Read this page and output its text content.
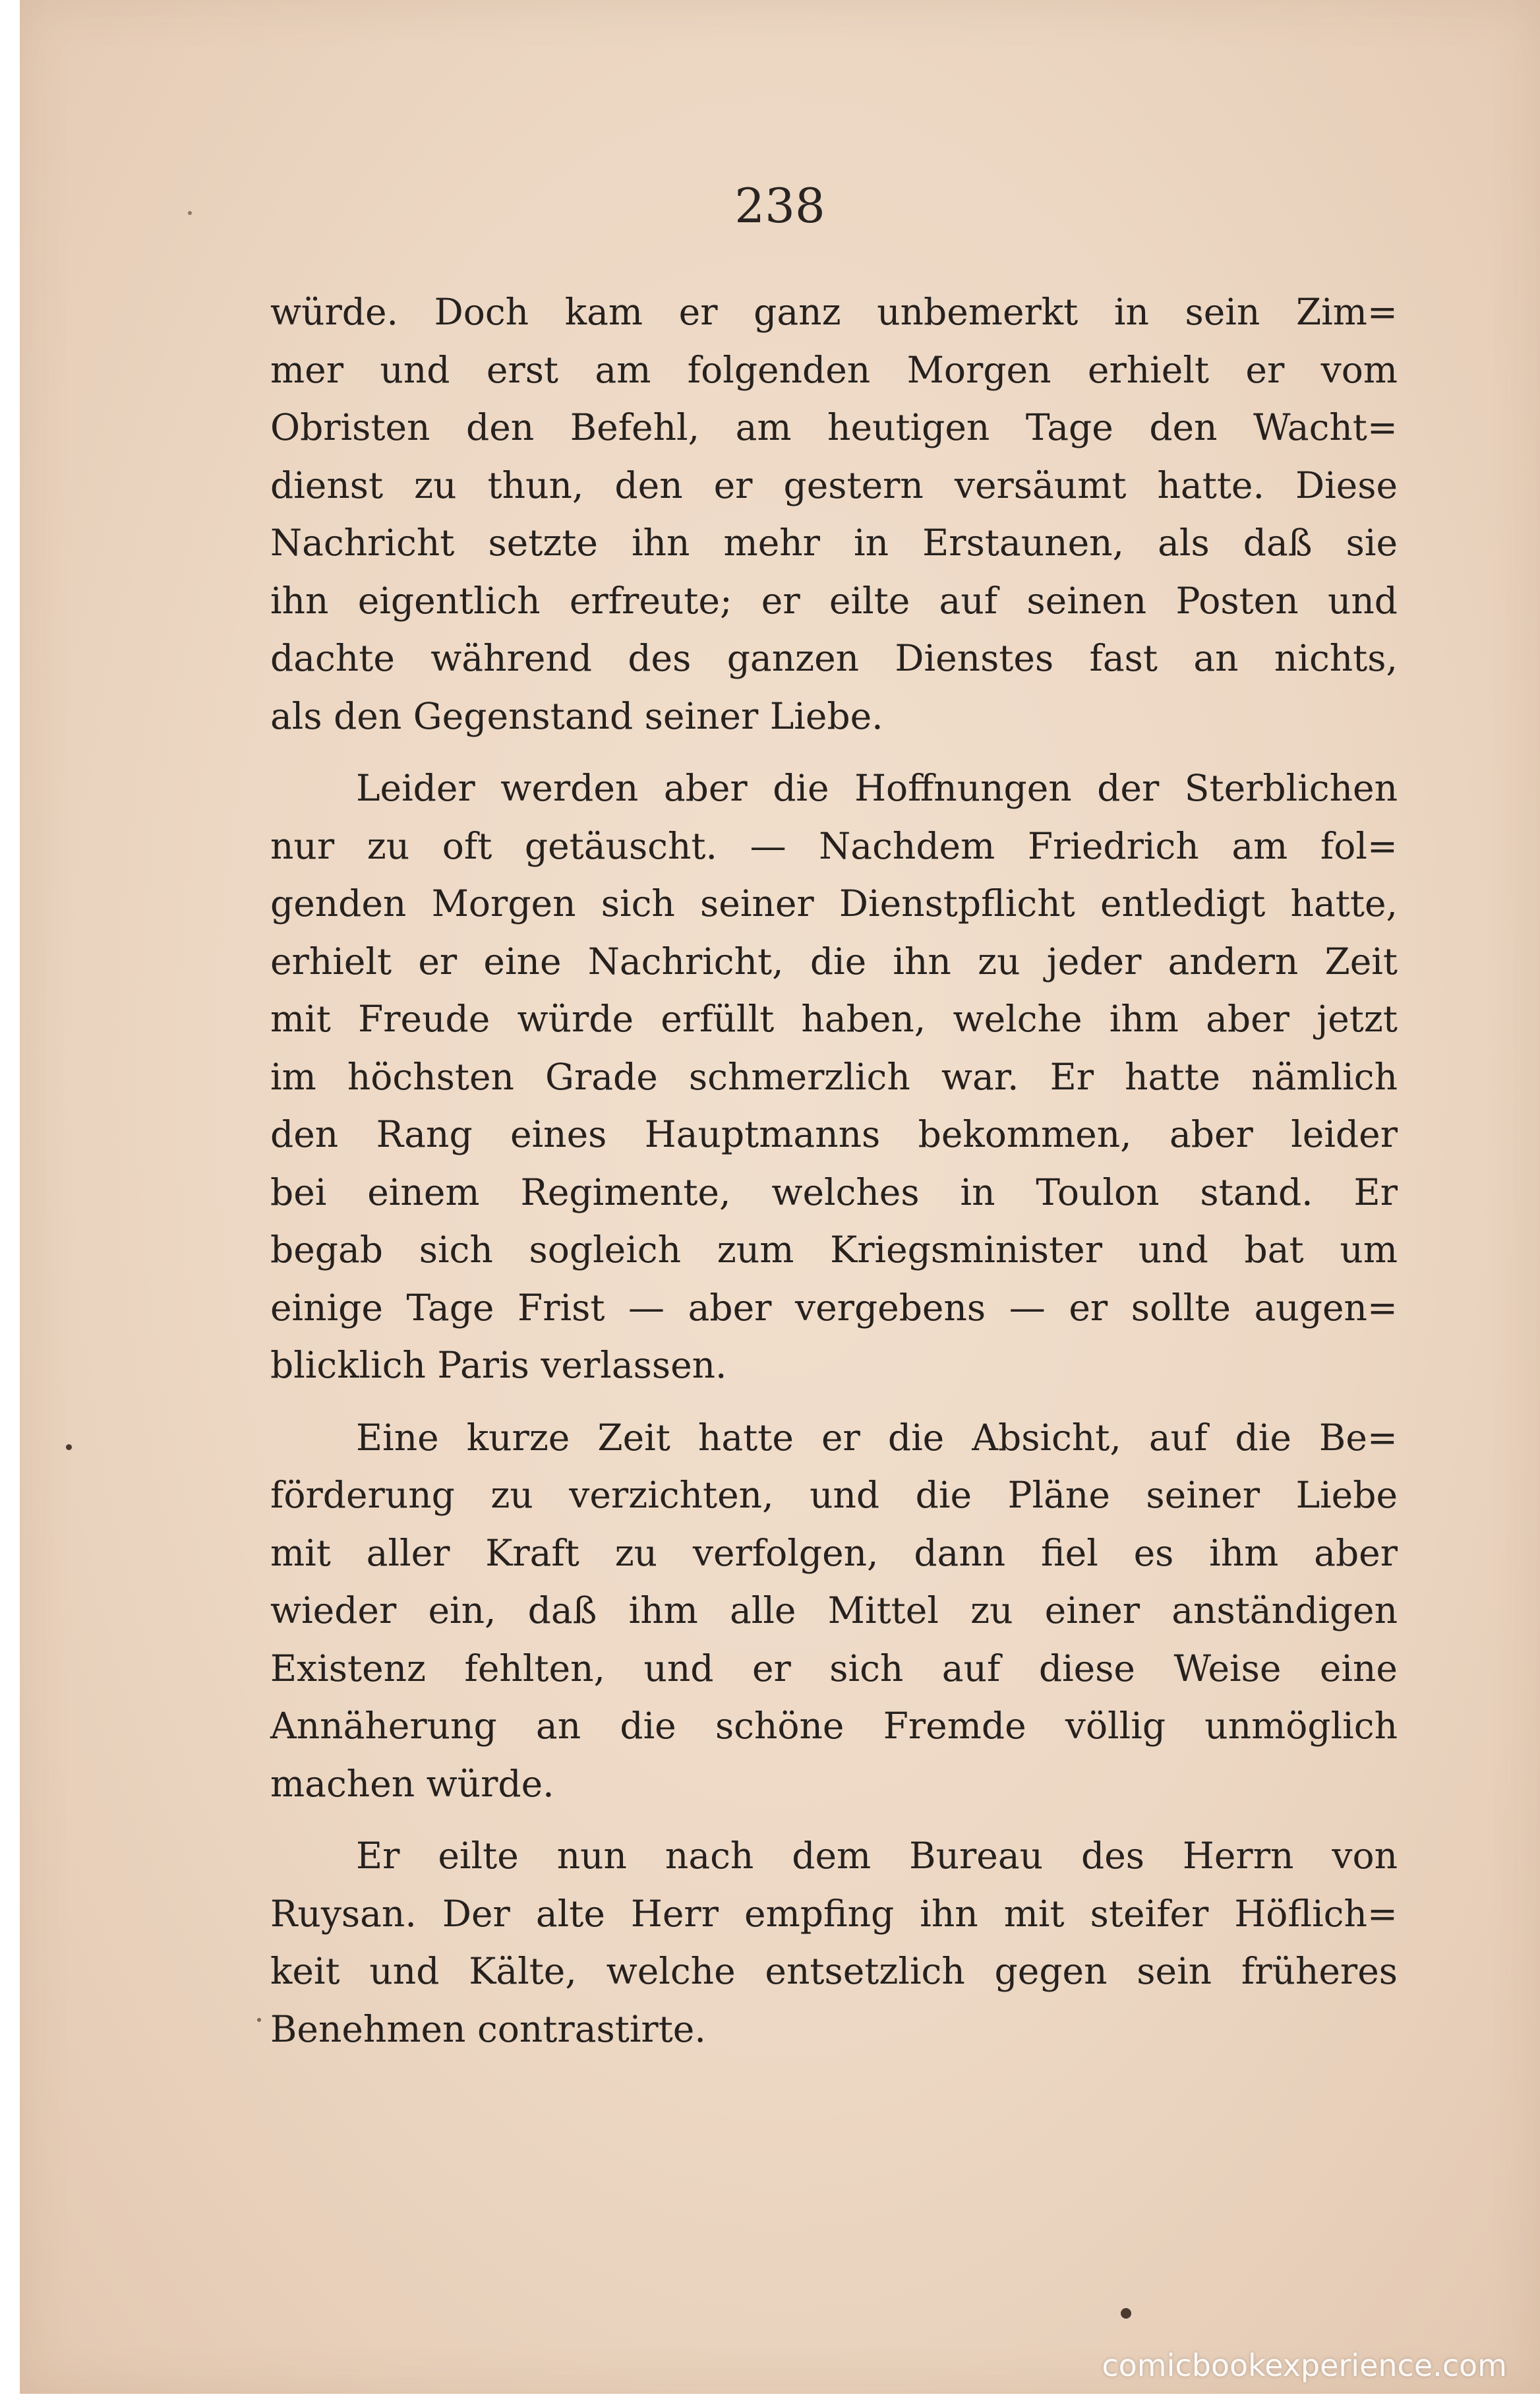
238
würde. Doch kam er ganz unbemerkt in sein Zim=
mer und erst am folgenden Morgen erhielt er vom
Obristen den Befehl, am heutigen Tage den Wacht=
dienst zu thun, den er gestern versäumt hatte. Diese
Nachricht setzte ihn mehr in Erstaunen, als daß sie
ihn eigentlich erfreute; er eilte auf seinen Posten und
dachte während des ganzen Dienstes fast an nichts,
als den Gegenstand seiner Liebe.
Leider werden aber die Hoffnungen der Sterblichen
nur zu oft getäuscht. — Nachdem Friedrich am fol=
genden Morgen sich seiner Dienstpflicht entledigt hatte,
erhielt er eine Nachricht, die ihn zu jeder andern Zeit
mit Freude würde erfüllt haben, welche ihm aber jetzt
im höchsten Grade schmerzlich war. Er hatte nämlich
den Rang eines Hauptmanns bekommen, aber leider
bei einem Regimente, welches in Toulon stand. Er
begab sich sogleich zum Kriegsminister und bat um
einige Tage Frist — aber vergebens — er sollte augen=
blicklich Paris verlassen.
Eine kurze Zeit hatte er die Absicht, auf die Be=
förderung zu verzichten, und die Pläne seiner Liebe
mit aller Kraft zu verfolgen, dann fiel es ihm aber
wieder ein, daß ihm alle Mittel zu einer anständigen
Existenz fehlten, und er sich auf diese Weise eine
Annäherung an die schöne Fremde völlig unmöglich
machen würde.
Er eilte nun nach dem Bureau des Herrn von
Ruysan. Der alte Herr empfing ihn mit steifer Höflich=
keit und Kälte, welche entsetzlich gegen sein früheres
Benehmen contrastirte.
comicbookexperience.com
